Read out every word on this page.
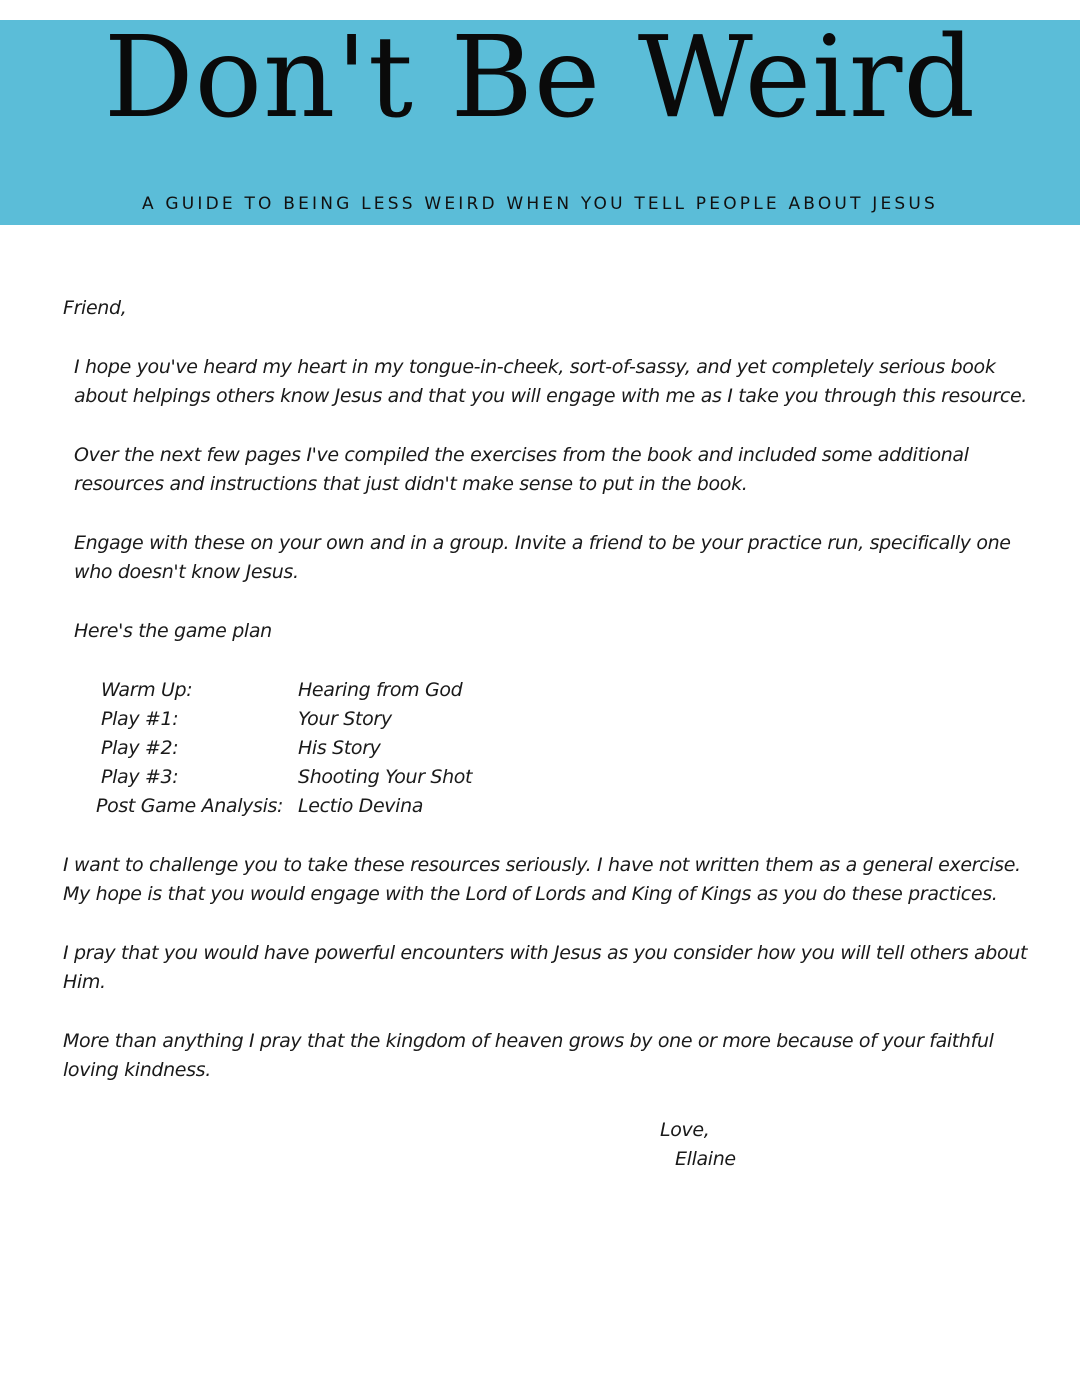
Don't Be Weird
A GUIDE TO BEING LESS WEIRD WHEN YOU TELL PEOPLE ABOUT JESUS

Friend,

I hope you've heard my heart in my tongue-in-cheek, sort-of-sassy, and yet completely serious book about helpings others know Jesus and that you will engage with me as I take you through this resource.

Over the next few pages I've compiled the exercises from the book and included some additional resources and instructions that just didn't make sense to put in the book.

Engage with these on your own and in a group. Invite a friend to be your practice run, specifically one who doesn't know Jesus.

Here's the game plan

Warm Up:	Hearing from God
Play #1:	Your Story
Play #2:	His Story
Play #3:	Shooting Your Shot
Post Game Analysis: Lectio Devina

I want to challenge you to take these resources seriously. I have not written them as a general exercise. My hope is that you would engage with the Lord of Lords and King of Kings as you do these practices.

I pray that you would have powerful encounters with Jesus as you consider how you will tell others about Him.

More than anything I pray that the kingdom of heaven grows by one or more because of your faithful loving kindness.

Love,
Ellaine
